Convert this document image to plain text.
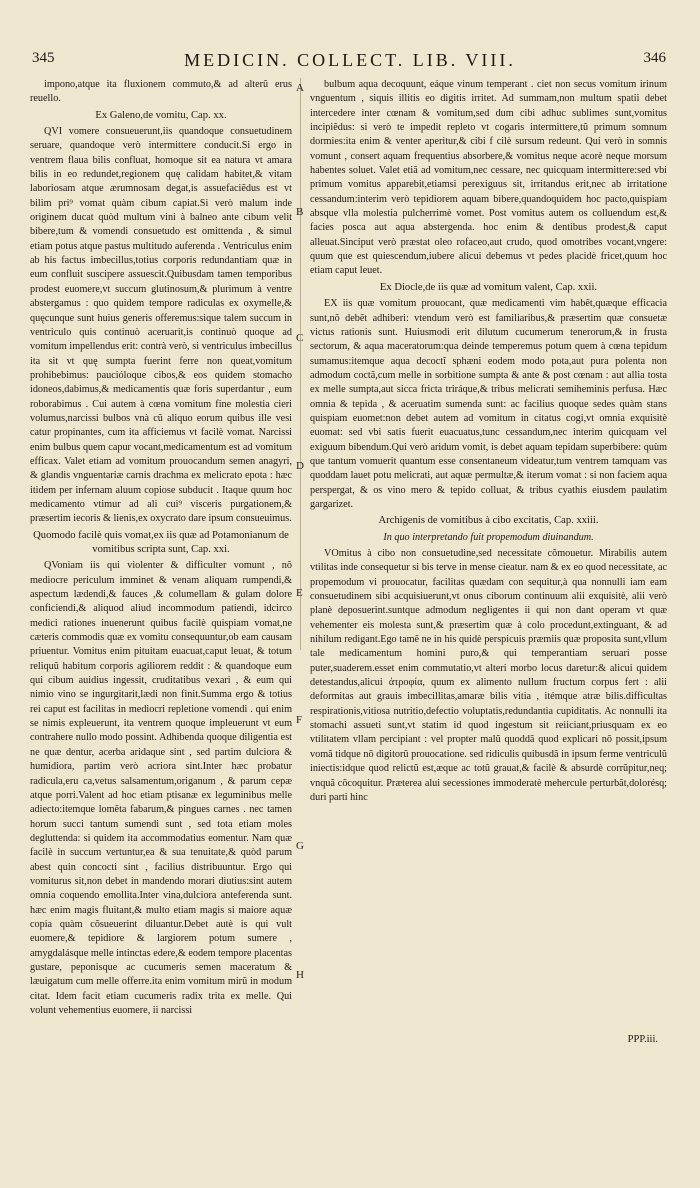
345	MEDICIN. COLLECT. LIB. VIII.	346

impono,atque ita fluxionem commuto,& ad alterũ erus reuello.

Ex Galeno,de vomitu, Cap. xx.

QVI vomere consueuerunt,iis quandoque consuetudinem seruare, quandoque verò intermittere conducit.Si ergo in ventrem flaua bilis confluat, homoque sit ea natura vt amara bilis in eo redundet,regionem quę calidam habitet,& vitam laboriosam atque ærumnosam degat,is assuefaciẽdus est vt bilim pri⁹ vomat quàm cibum capiat.Si verò malum inde originem ducat quòd multum vini à balneo ante cibum velit bibere,tum & vomendi consuetudo est omittenda , & simul etiam potus atque pastus multitudo auferenda . Ventriculus enim ab his factus imbecillus,totius corporis redundantiam quæ in eum confluit suscipere assuescit.Quibusdam tamen temporibus prodest euomere,vt succum glutinosum,& plurimum à ventre abstergamus : quo quidem tempore radiculas ex oxymelle,& quęcunque sunt huius generis offeremus:sique talem succum in ventriculo quis continuò aceruarit,is continuò quoque ad vomitum impellendus erit: contrà verò, si ventriculus imbecillus ita sit vt quę sumpta fuerint ferre non queat,vomitum prohibebimus: paucióloque cibos,& eos quidem stomacho idoneos,dabimus,& medicamentis quæ foris superdantur , eum roborabimus . Cui autem à cœna vomitum fine molestia cieri volumus,narcissi bulbos vnà cũ aliquo eorum quibus ille vesi catur propinantes, cum ita afficiemus vt facilè vomat. Narcissi enim bulbus quem capur vocant,medicamentum est ad vomitum efficax. Valet etiam ad vomitum prouocandum semen anagyri, & glandis vnguentariæ carnis drachma ex melicrato epota : hæc itidem per infernam aluum copiose subducit . Itaque quum hoc medicamento vtimur ad ali cui⁹ visceris purgationem,& præsertim iecoris & lienis,ex oxycrato dare ipsum consueuimus.

Quomodo facilè quis vomat,ex iis quæ ad Potamonianum de vomitibus scripta sunt, Cap. xxi.

QVoniam iis qui violenter & difficulter vomunt , nõ mediocre periculum imminet & venam aliquam rumpendi,& aspectum lædendi,& fauces ,& columellam & gulam dolore conficiendi,& aliquod aliud incommodum patiendi, idcirco medici rationes inuenerunt quibus facilè quispiam vomat,ne cæteris commodis quæ ex vomitu consequuntur,ob eam causam priuentur. Vomitus enim pituitam euacuat,caput leuat, & totum reliquũ habitum corporis agiliorem reddit : & quandoque eum qui cibum auidius ingessit, cruditatibus vexari , & eum qui nimio vino se ingurgitarit,lædi non finit.Summa ergo & totius rei caput est facilitas in mediocri repletione vomendi . qui enim se nimis expleuerunt, ita ventrem quoque impleuerunt vt eum contrahere nullo modo possint. Adhibenda quoque diligentia est ne quæ dentur, acerba aridaque sint , sed partim dulciora & humidiora, partim verò acriora sint.Inter hæc probatur radicula,eru ca,vetus salsamentum,origanum , & parum cepæ atque porri.Valent ad hoc etiam ptisanæ ex leguminibus melle adiecto:itemque lomẽta fabarum,& pingues carnes . nec tamen horum succi tantum sumendi sunt , sed tota etiam moles degluttenda: si quidem ita accommodatius eomentur. Nam quæ facilè in succum vertuntur,ea & sua tenuitate,& quòd parum abest quin concocti sint , facilius distribuuntur. Ergo qui vomiturus sit,non debet in mandendo morari diutius:sint autem omnia coquendo emollita.Inter vina,dulciora anteferenda sunt. hæc enim magis fluitant,& multo etiam magis si maiore aquæ copia quàm cõsueuerint diluantur.Debet autè is qui vult euomere,& tepidiore & largiorem potum sumere , amygdalásque melle intinctas edere,& eodem tempore placentas gustare, peponisque ac cucumeris semen maceratum & læuigatum cum melle offerre.ita enim vomitum mirũ in modum citat. Idem facit etiam cucumeris radix trita ex melle. Qui volunt vehementius euomere, ii narcissi

bulbum aqua decoquunt, eáque vinum temperant . ciet non secus vomitum irinum vnguentum , siquis illitis eo digitis irritet. Ad summam,non multum spatii debet intercedere inter cœnam & vomitum,sed dum cibi adhuc sublimes sunt,vomitus incipiẽdus: si verò te impedit repleto vt cogaris intermittere,tũ primum somnum dormies:ita enim & venter aperitur,& cibi f cilè sursum redeunt. Qui verò in somnis vomunt , consert aquam frequentius absorbere,& vomitus neque acorè neque morsum habentes soluet. Valet etiã ad vomitum,nec cessare, nec quicquam intermittere:sed vbi primum vomitus apparebit,etiamsi perexiguus sit, irritandus erit,nec ab irritatione cessandum:interim verò tepidiorem aquam bibere,quandoquidem hoc pacto,quispiam absque vlla molestia pulcherrimè vomet. Post vomitus autem os colluendum est,& facies posca aut aqua abstergenda. hoc enim & dentibus prodest,& caput alleuat.Sinciput verò præstat oleo rofaceo,aut crudo, quod omotribes vocant,vngere: quum que est quiescendum,iubere alicui debemus vt pedes placidè fricet,quum hoc etiam caput leuet.

Ex Diocle,de iis quæ ad vomitum valent, Cap. xxii.

EX iis quæ vomitum prouocant, quæ medicamenti vim habẽt,quæque efficacia sunt,nõ debẽt adhiberi: vtendum verò est familiaribus,& præsertim quæ consuetæ victus rationis sunt. Huiusmodi erit dilutum cucumerum tenerorum,& in frusta sectorum, & aqua maceratorum:qua deinde temperemus potum quem à cœna tepidum sumamus:itemque aqua decoctĩ sphæni eodem modo pota,aut pura polenta non admodum coctã,cum melle in sorbitione sumpta & ante & post cœnam : aut allia tosta ex melle sumpta,aut sicca fricta triráque,& tribus melicrati semiheminis perfusa. Hæc omnia & tepida , & aceruatim sumenda sunt: ac facilius quoque sedes quàm stans quispiam euomet:non debet autem ad vomitum in citatus cogi,vt omnia exquisitè euomat: sed vbi satis fuerit euacuatus,tunc cessandum,nec interim quicquam vel exiguum bibendum.Qui verò aridum vomit, is debet aquam tepidam superbibere: quùm que tantum vomuerit quantum esse consentaneum videatur,tum ventrem tamquam vas quoddam lauet potu melicrati, aut aquæ permultæ,& iterum vomat : si non faciem aqua perspergat, & os vino mero & tepido colluat, & tribus cyathis eiusdem paulatim gargarizet.

Archigenis de vomitibus à cibo excitatis, Cap. xxiii.

In quo interpretando fuit propemodum diuinandum.

VOmitus à cibo non consuetudine,sed necessitate cõmouetur. Mirabilis autem vtilitas inde consequetur si bis terve in mense cieatur. nam & ex eo quod necessitate, ac propemodum vi prouocatur, facilitas quædam con sequitur,à qua nonnulli iam eam consuetudinem sibi acquisiuerunt,vt onus ciborum continuum alii exquisitè, alii verò planè deposuerint.suntque admodum negligentes ii qui non dant operam vt quæ vehementer eis molesta sunt,& præsertim quæ à colo procedunt,extinguant, & ad nihilum redigant.Ego tamẽ ne in his quidè perspicuis præmiis quæ proposita sunt,vllum tale medicamentum homini puro,& qui temperantiam seruari posse puter,suaderem.esset enim commutatio,vt alteri morbo locus daretur:& alicui quidem detestandus,alicui ἀτροφία, quum ex alimento nullum fructum corpus fert : alii deformitas aut grauis imbecillitas,amaræ bilis vitia , itémque atræ bilis.difficultas respirationis,vitiosa nutritio,defectio voluptatis,redundantia cupiditatis. Ac nonnulli ita stomachi assueti sunt,vt statim id quod ingestum sit reiiciant,priusquam ex eo vtilitatem vllam percipiant : vel propter malũ quoddã quod explicari nõ possit,ipsum vomã tidque nõ digitorũ prouocatione. sed ridiculis quibusdã in ipsum ferme ventriculũ iniectis:idque quod relictũ est,æque ac totũ grauat,& facilè & absurdè corrũpitur,neq; vnquã cõcoquitur. Præterea alui secessiones immoderatè mehercule perturbãt,dolorésq; duri parti hinc

A
B
C
D
E
F
G
H
PPP.iii.
